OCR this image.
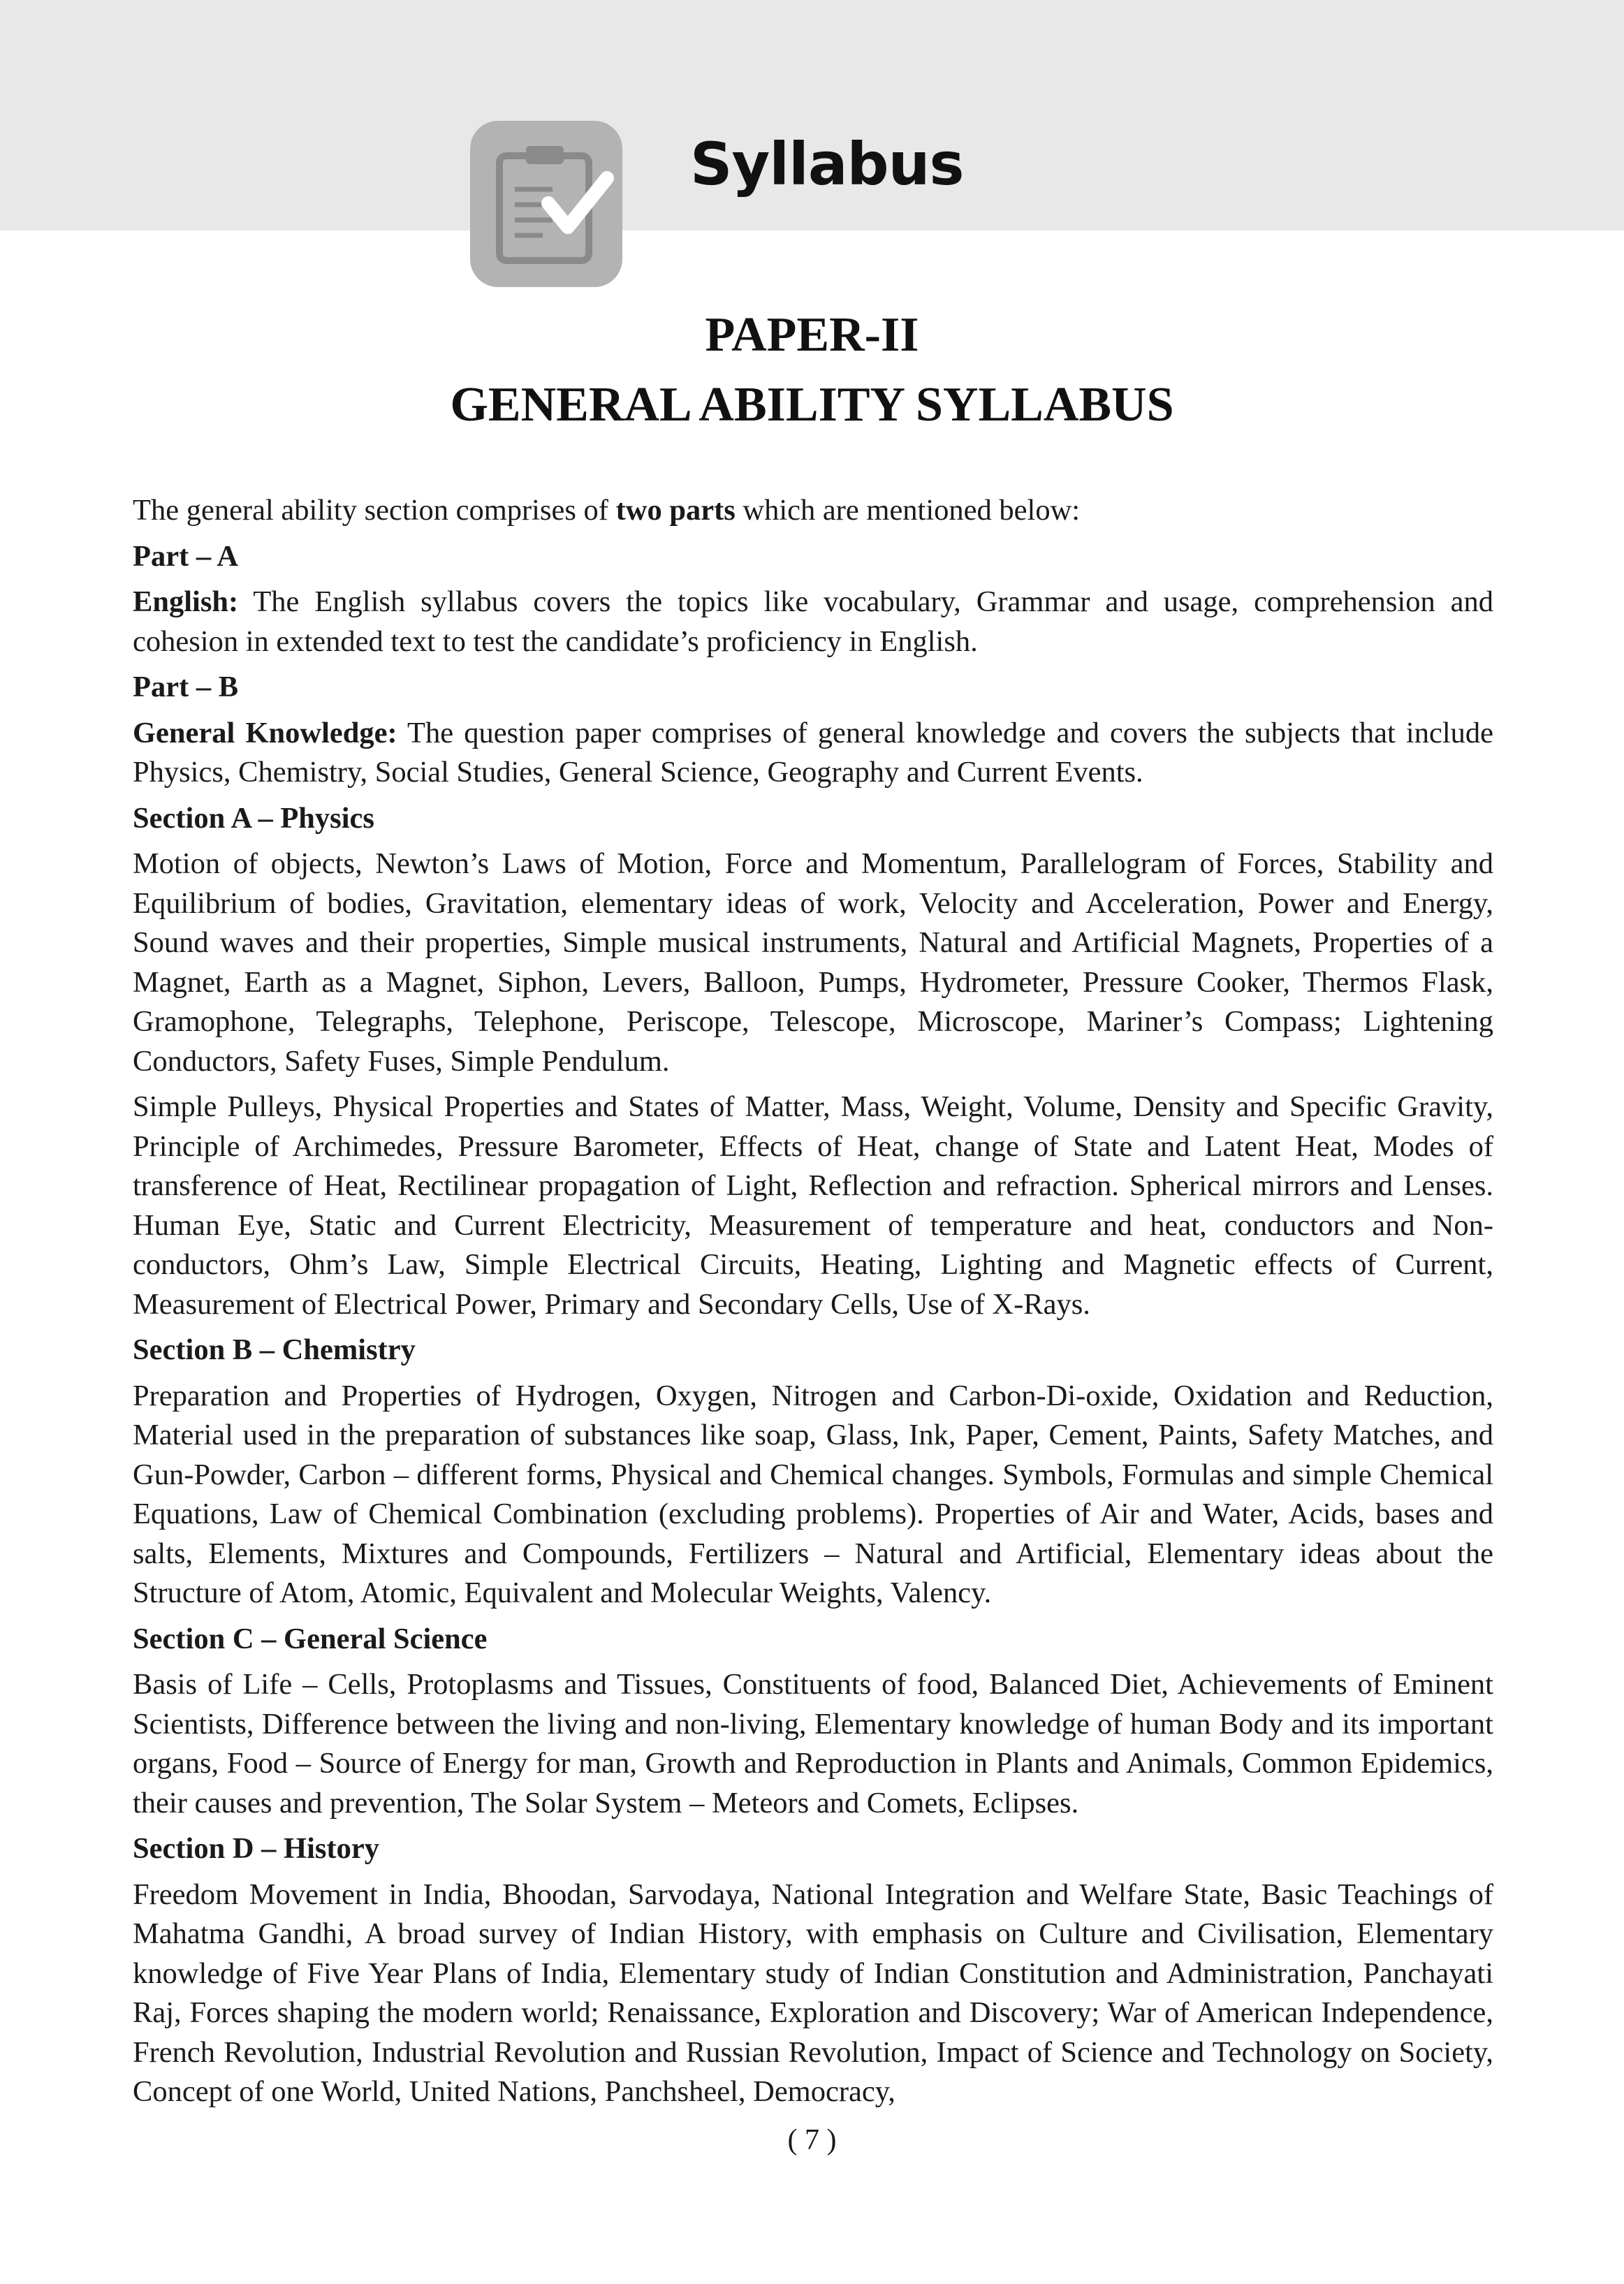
Syllabus
PAPER-II
GENERAL ABILITY SYLLABUS

The general ability section comprises of two parts which are mentioned below:

Part – A

English: The English syllabus covers the topics like vocabulary, Grammar and usage, comprehension and cohesion in extended text to test the candidate’s proficiency in English.

Part – B

General Knowledge: The question paper comprises of general knowledge and covers the subjects that include Physics, Chemistry, Social Studies, General Science, Geography and Current Events.

Section A – Physics

Motion of objects, Newton’s Laws of Motion, Force and Momentum, Parallelogram of Forces, Stability and Equilibrium of bodies, Gravitation, elementary ideas of work, Velocity and Acceleration, Power and Energy, Sound waves and their properties, Simple musical instruments, Natural and Artificial Magnets, Properties of a Magnet, Earth as a Magnet, Siphon, Levers, Balloon, Pumps, Hydrometer, Pressure Cooker, Thermos Flask, Gramophone, Telegraphs, Telephone, Periscope, Telescope, Microscope, Mariner’s Compass; Lightening Conductors, Safety Fuses, Simple Pendulum.

Simple Pulleys, Physical Properties and States of Matter, Mass, Weight, Volume, Density and Specific Gravity, Principle of Archimedes, Pressure Barometer, Effects of Heat, change of State and Latent Heat, Modes of transference of Heat, Rectilinear propagation of Light, Reflection and refraction. Spherical mirrors and Lenses. Human Eye, Static and Current Electricity, Measurement of temperature and heat, conductors and Non-conductors, Ohm’s Law, Simple Electrical Circuits, Heating, Lighting and Magnetic effects of Current, Measurement of Electrical Power, Primary and Secondary Cells, Use of X-Rays.

Section B – Chemistry

Preparation and Properties of Hydrogen, Oxygen, Nitrogen and Carbon-Di-oxide, Oxidation and Reduction, Material used in the preparation of substances like soap, Glass, Ink, Paper, Cement, Paints, Safety Matches, and Gun-Powder, Carbon – different forms, Physical and Chemical changes. Symbols, Formulas and simple Chemical Equations, Law of Chemical Combination (excluding problems). Properties of Air and Water, Acids, bases and salts, Elements, Mixtures and Compounds, Fertilizers – Natural and Artificial, Elementary ideas about the Structure of Atom, Atomic, Equivalent and Molecular Weights, Valency.

Section C – General Science

Basis of Life – Cells, Protoplasms and Tissues, Constituents of food, Balanced Diet, Achievements of Eminent Scientists, Difference between the living and non-living, Elementary knowledge of human Body and its important organs, Food – Source of Energy for man, Growth and Reproduction in Plants and Animals, Common Epidemics, their causes and prevention, The Solar System – Meteors and Comets, Eclipses.

Section D – History

Freedom Movement in India, Bhoodan, Sarvodaya, National Integration and Welfare State, Basic Teachings of Mahatma Gandhi, A broad survey of Indian History, with emphasis on Culture and Civilisation, Elementary knowledge of Five Year Plans of India, Elementary study of Indian Constitution and Administration, Panchayati Raj, Forces shaping the modern world; Renaissance, Exploration and Discovery; War of American Independence, French Revolution, Industrial Revolution and Russian Revolution, Impact of Science and Technology on Society, Concept of one World, United Nations, Panchsheel, Democracy,

( 7 )
